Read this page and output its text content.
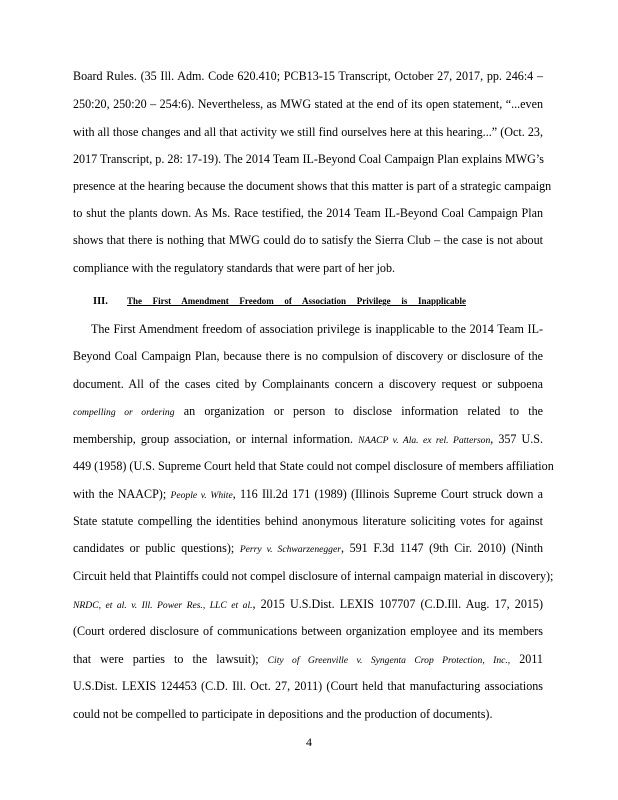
Board Rules. (35 Ill. Adm. Code 620.410; PCB13-15 Transcript, October 27, 2017, pp. 246:4 –
250:20, 250:20 – 254:6). Nevertheless, as MWG stated at the end of its open statement, “...even
with all those changes and all that activity we still find ourselves here at this hearing...” (Oct. 23,
2017 Transcript, p. 28: 17-19). The 2014 Team IL-Beyond Coal Campaign Plan explains MWG’s
presence at the hearing because the document shows that this matter is part of a strategic campaign
to shut the plants down. As Ms. Race testified, the 2014 Team IL-Beyond Coal Campaign Plan
shows that there is nothing that MWG could do to satisfy the Sierra Club – the case is not about
compliance with the regulatory standards that were part of her job.
III. The First Amendment Freedom of Association Privilege is Inapplicable
The First Amendment freedom of association privilege is inapplicable to the 2014 Team IL-
Beyond Coal Campaign Plan, because there is no compulsion of discovery or disclosure of the
document. All of the cases cited by Complainants concern a discovery request or subpoena
compelling or ordering an organization or person to disclose information related to the
membership, group association, or internal information. NAACP v. Ala. ex rel. Patterson, 357 U.S.
449 (1958) (U.S. Supreme Court held that State could not compel disclosure of members affiliation
with the NAACP); People v. White, 116 Ill.2d 171 (1989) (Illinois Supreme Court struck down a
State statute compelling the identities behind anonymous literature soliciting votes for against
candidates or public questions); Perry v. Schwarzenegger, 591 F.3d 1147 (9th Cir. 2010) (Ninth
Circuit held that Plaintiffs could not compel disclosure of internal campaign material in discovery);
NRDC, et al. v. Ill. Power Res., LLC et al., 2015 U.S.Dist. LEXIS 107707 (C.D.Ill. Aug. 17, 2015)
(Court ordered disclosure of communications between organization employee and its members
that were parties to the lawsuit); City of Greenville v. Syngenta Crop Protection, Inc., 2011
U.S.Dist. LEXIS 124453 (C.D. Ill. Oct. 27, 2011) (Court held that manufacturing associations
could not be compelled to participate in depositions and the production of documents).
4
